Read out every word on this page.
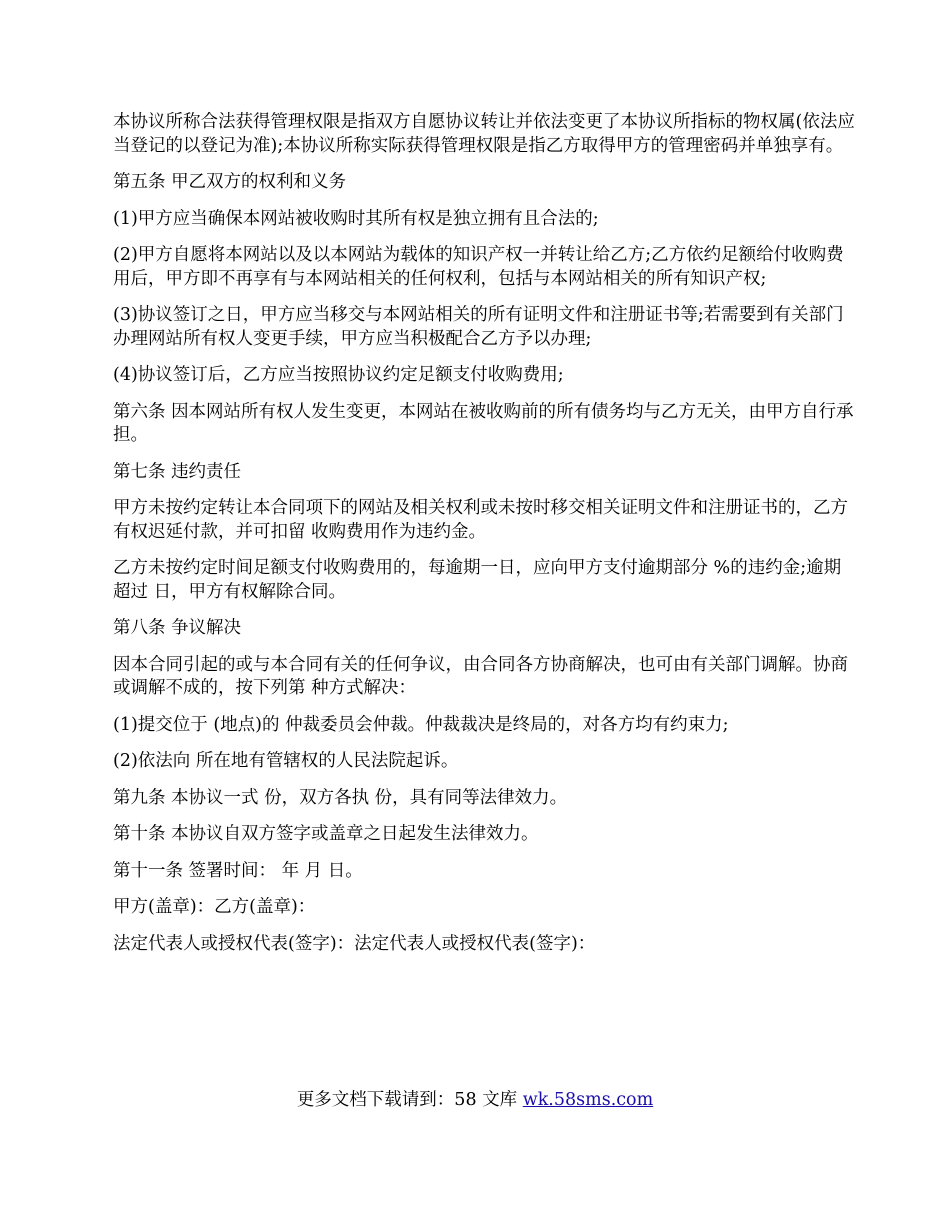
本协议所称合法获得管理权限是指双方自愿协议转让并依法变更了本协议所指标的物权属(依法应当登记的以登记为准);本协议所称实际获得管理权限是指乙方取得甲方的管理密码并单独享有。

第五条 甲乙双方的权利和义务

(1)甲方应当确保本网站被收购时其所有权是独立拥有且合法的;

(2)甲方自愿将本网站以及以本网站为载体的知识产权一并转让给乙方;乙方依约足额给付收购费用后，甲方即不再享有与本网站相关的任何权利，包括与本网站相关的所有知识产权;

(3)协议签订之日，甲方应当移交与本网站相关的所有证明文件和注册证书等;若需要到有关部门办理网站所有权人变更手续，甲方应当积极配合乙方予以办理;

(4)协议签订后，乙方应当按照协议约定足额支付收购费用;

第六条 因本网站所有权人发生变更，本网站在被收购前的所有债务均与乙方无关，由甲方自行承担。

第七条 违约责任

甲方未按约定转让本合同项下的网站及相关权利或未按时移交相关证明文件和注册证书的，乙方有权迟延付款，并可扣留 收购费用作为违约金。

乙方未按约定时间足额支付收购费用的，每逾期一日，应向甲方支付逾期部分 %的违约金;逾期超过 日，甲方有权解除合同。

第八条 争议解决

因本合同引起的或与本合同有关的任何争议，由合同各方协商解决，也可由有关部门调解。协商或调解不成的，按下列第 种方式解决：

(1)提交位于 (地点)的 仲裁委员会仲裁。仲裁裁决是终局的，对各方均有约束力;

(2)依法向 所在地有管辖权的人民法院起诉。

第九条 本协议一式 份，双方各执 份，具有同等法律效力。

第十条 本协议自双方签字或盖章之日起发生法律效力。

第十一条 签署时间： 年 月 日。

甲方(盖章)：乙方(盖章)：

法定代表人或授权代表(签字)：法定代表人或授权代表(签字)：

更多文档下载请到：58 文库 wk.58sms.com
